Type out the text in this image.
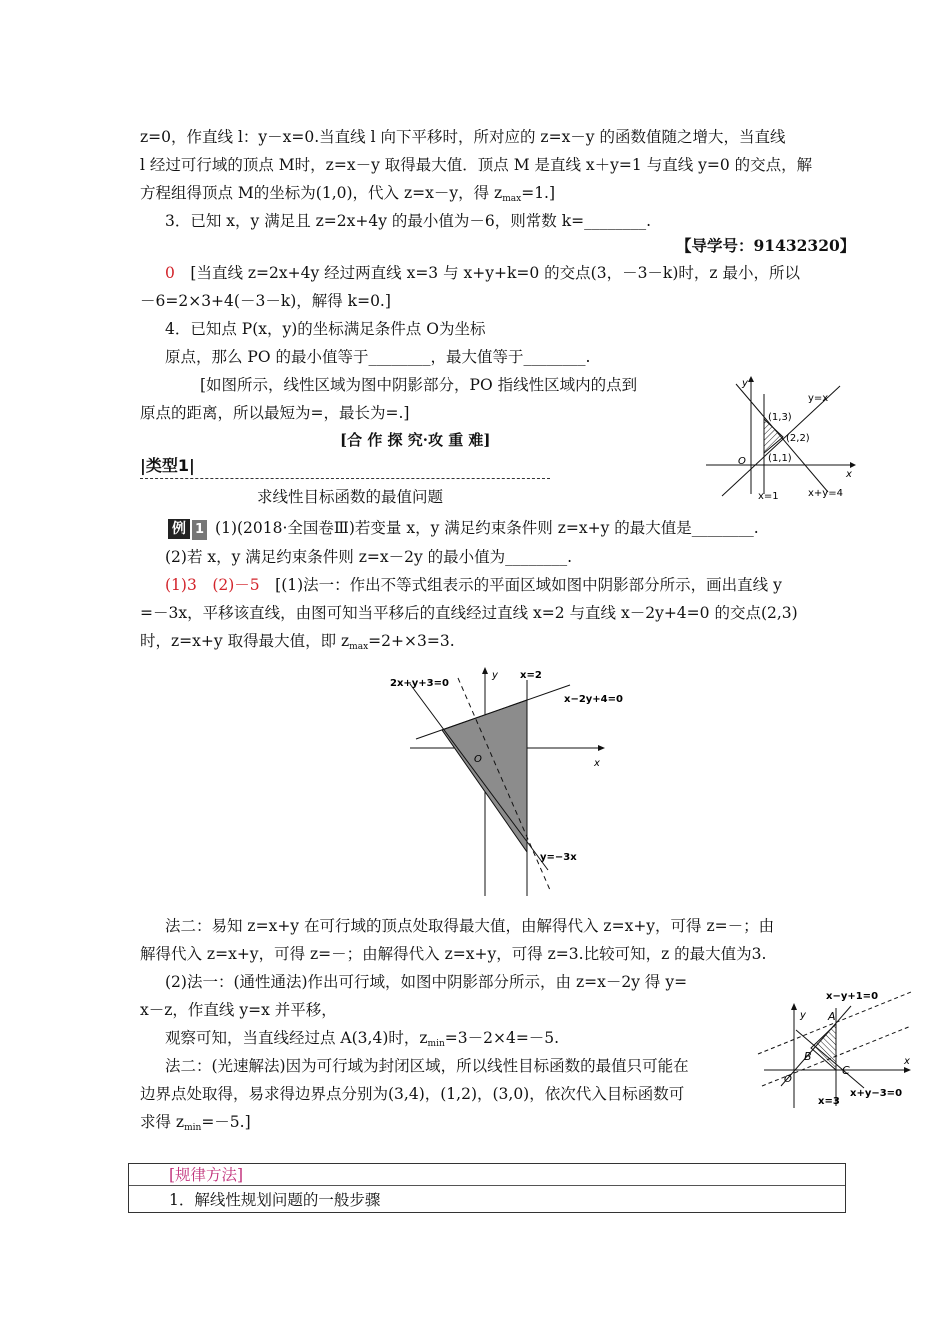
z=0，作直线 l：y－x=0.当直线 l 向下平移时，所对应的 z=x－y 的函数值随之增大，当直线
l 经过可行域的顶点 M时，z=x－y 取得最大值．顶点 M 是直线 x＋y=1 与直线 y=0 的交点，解
方程组得顶点 M的坐标为(1,0)，代入 z=x－y，得 $z_{max}=1$.]
3．已知 x，y 满足且 z=2x+4y 的最小值为－6，则常数 k=________.
【导学号：91432320】
0　 [当直线 z=2x+4y 经过两直线 x=3 与 x+y+k=0 的交点(3，－3－k)时，z 最小，所以
－6=2×3+4(－3－k)，解得 k=0.]
4．已知点 P(x，y)的坐标满足条件点 O为坐标
原点，那么 PO 的最小值等于________，最大值等于________.
[如图所示，线性区域为图中阴影部分，PO 指线性区域内的点到
原点的距离，所以最短为=，最长为=.]
y
x
O
y=x
(1,3)
(2,2)
(1,1)
x=1	x+y=4
[合 作 探 究·攻 重 难]
|类型1|
求线性目标函数的最值问题
例 1 (1)(2018·全国卷Ⅲ)若变量 x，y 满足约束条件则 z=x+y 的最大值是________.
(2)若 x，y 满足约束条件则 z=x－2y 的最小值为________.
(1)3　(2)－5　 [(1)法一：作出不等式组表示的平面区域如图中阴影部分所示，画出直线 y
=－3x，平移该直线，由图可知当平移后的直线经过直线 x=2 与直线 x－2y+4=0 的交点(2,3)
时，z=x+y 取得最大值，即 $z_{max}=2+\times 3=3$.
2x+y+3=0
y x=2
x−2y+4=0
O	x
y=−3x
法二：易知 z=x+y 在可行域的顶点处取得最大值，由解得代入 z=x+y，可得 z=－；由
解得代入 z=x+y，可得 z=－；由解得代入 z=x+y，可得 z=3.比较可知，z 的最大值为3.
(2)法一：(通性通法)作出可行域，如图中阴影部分所示，由 z=x－2y 得 y=
x－z，作直线 y=x 并平移，
观察可知，当直线经过点 A(3,4)时，$z_{min}=3-2\times 4=-5$.
法二：(光速解法)因为可行域为封闭区域，所以线性目标函数的最值只可能在
边界点处取得，易求得边界点分别为(3,4)，(1,2)，(3,0)，依次代入目标函数可
求得 $z_{min}=-5$.]
x−y+1=0
y A
B
C
O
x
x+y−3=0
x=3
[规律方法]
1．解线性规划问题的一般步骤
